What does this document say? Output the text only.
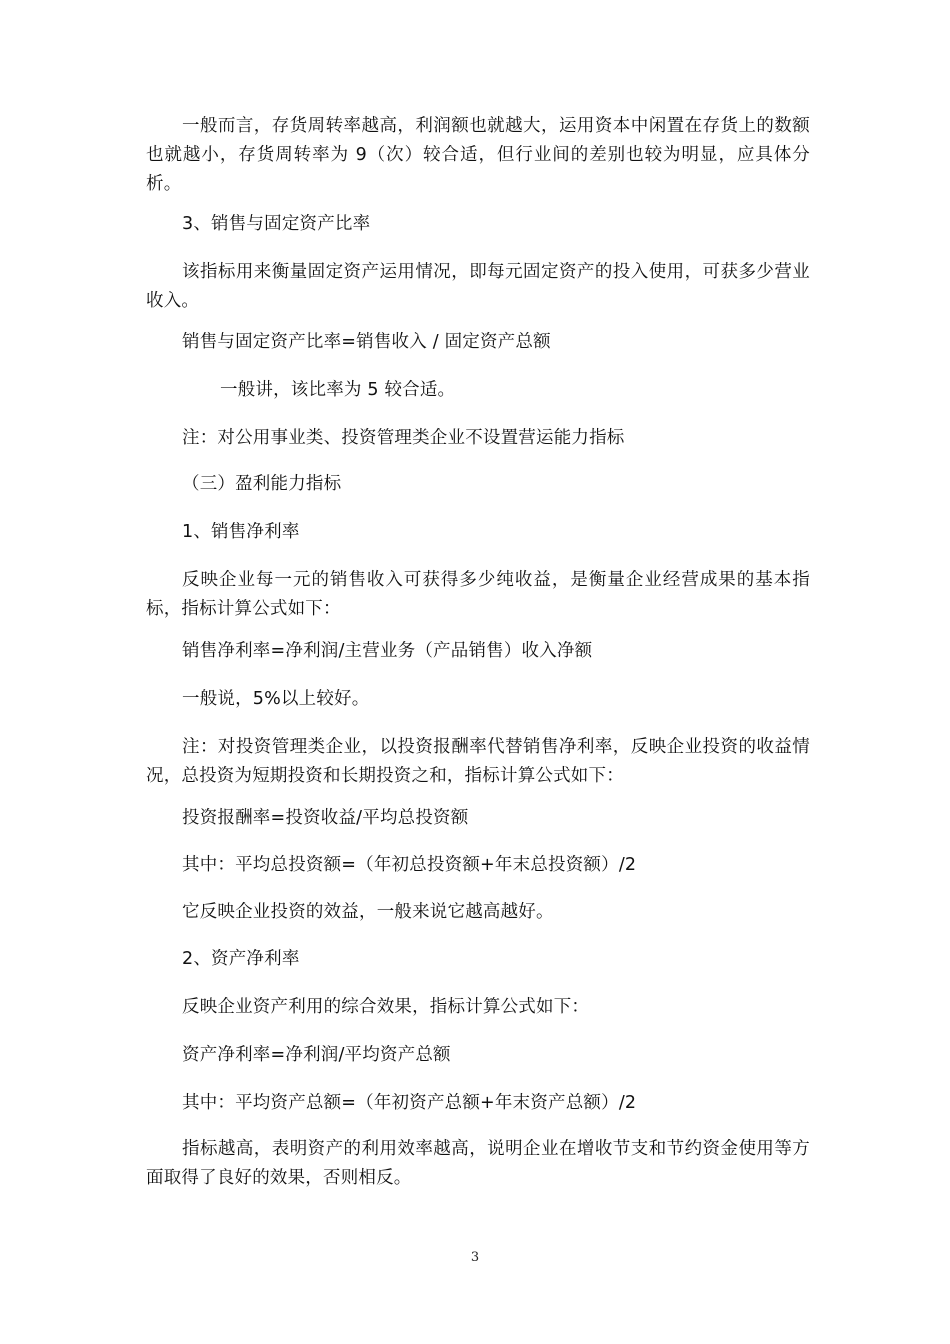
一般而言，存货周转率越高，利润额也就越大，运用资本中闲置在存货上的数额也就越小，存货周转率为 9（次）较合适，但行业间的差别也较为明显，应具体分析。

3、销售与固定资产比率

该指标用来衡量固定资产运用情况，即每元固定资产的投入使用，可获多少营业收入。

销售与固定资产比率=销售收入 / 固定资产总额

一般讲，该比率为 5 较合适。

注：对公用事业类、投资管理类企业不设置营运能力指标

（三）盈利能力指标

1、销售净利率

反映企业每一元的销售收入可获得多少纯收益，是衡量企业经营成果的基本指标，指标计算公式如下：

销售净利率=净利润/主营业务（产品销售）收入净额

一般说，5%以上较好。

注：对投资管理类企业，以投资报酬率代替销售净利率，反映企业投资的收益情况，总投资为短期投资和长期投资之和，指标计算公式如下：

投资报酬率=投资收益/平均总投资额

其中：平均总投资额=（年初总投资额+年末总投资额）/2

它反映企业投资的效益，一般来说它越高越好。

2、资产净利率

反映企业资产利用的综合效果，指标计算公式如下：

资产净利率=净利润/平均资产总额

其中：平均资产总额=（年初资产总额+年末资产总额）/2

指标越高，表明资产的利用效率越高，说明企业在增收节支和节约资金使用等方面取得了良好的效果，否则相反。

3
